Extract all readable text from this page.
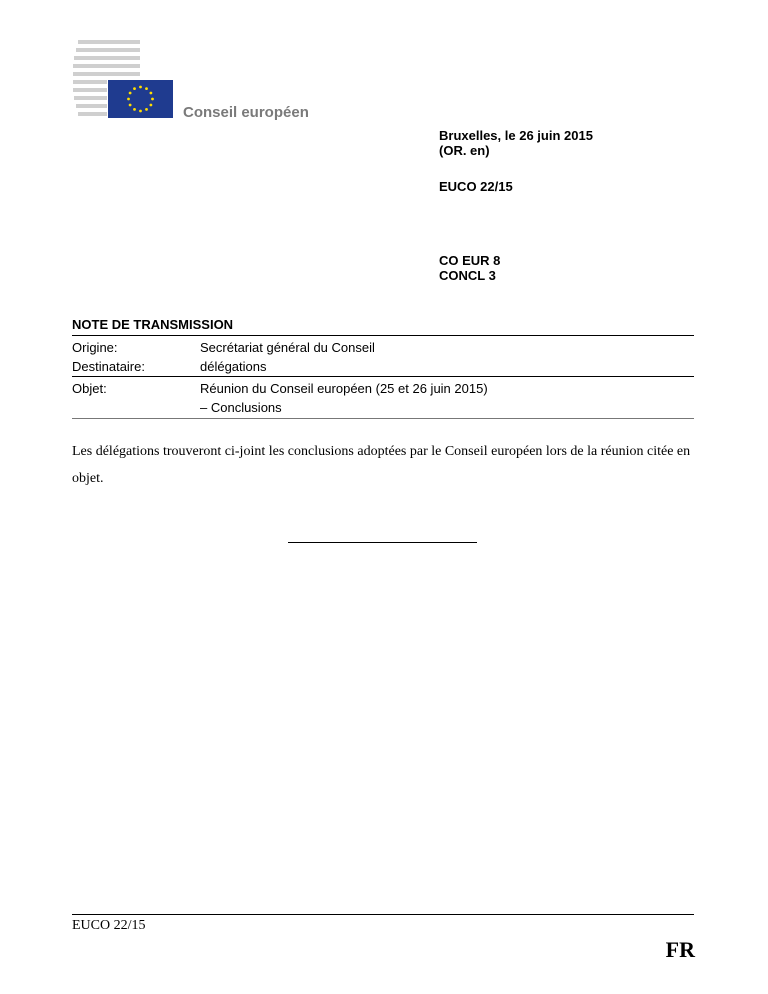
Conseil européen
Bruxelles, le 26 juin 2015
(OR. en)
EUCO 22/15
CO EUR 8
CONCL 3
NOTE DE TRANSMISSION
Origine:	Secrétariat général du Conseil
Destinataire:	délégations
Objet:	Réunion du Conseil européen (25 et 26 juin 2015)
– Conclusions
Les délégations trouveront ci-joint les conclusions adoptées par le Conseil européen lors de la réunion citée en objet.
EUCO 22/15
FR
